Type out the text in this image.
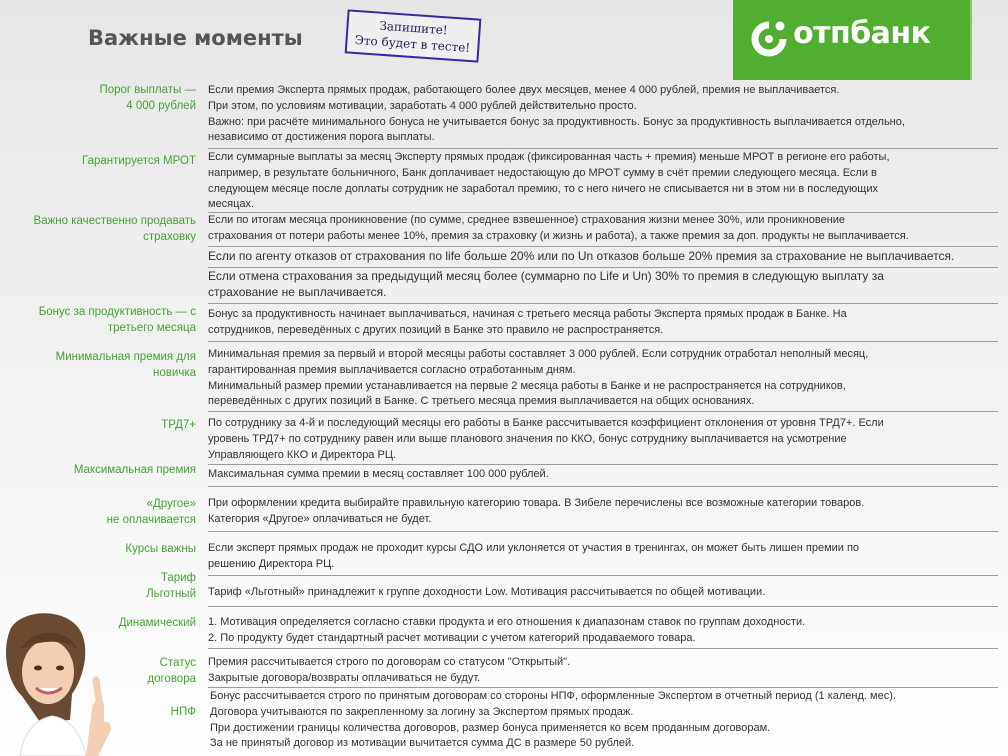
Важные моменты	Запишите!
Это будет в тесте!	отпбанк
Порог выплаты —
4 000 рублей
Если премия Эксперта прямых продаж, работающего более двух месяцев, менее 4 000 рублей, премия не выплачивается.
При этом, по условиям мотивации, заработать 4 000 рублей действительно просто.
Важно: при расчёте минимального бонуса не учитывается бонус за продуктивность. Бонус за продуктивность выплачивается отдельно,
независимо от достижения порога выплаты.
Гарантируется МРОТ Если суммарные выплаты за месяц Эксперту прямых продаж (фиксированная часть + премия) меньше МРОТ в регионе его работы,
например, в результате больничного, Банк доплачивает недостающую до МРОТ сумму в счёт премии следующего месяца. Если в
следующем месяце после доплаты сотрудник не заработал премию, то с него ничего не списывается ни в этом ни в последующих
месяцах.
Важно качественно продавать
страховку
Если по итогам месяца проникновение (по сумме, среднее взвешенное) страхования жизни менее 30%, или проникновение
страхования от потери работы менее 10%, премия за страховку (и жизнь и работа), а также премия за доп. продукты не выплачивается.
Если по агенту отказов от страхования по life больше 20% или по Un отказов больше 20% премия за страхование не выплачивается.
Если отмена страхования за предыдущий месяц более (суммарно по Life и Un) 30% то премия в следующую выплату за
страхование не выплачивается.
Бонус за продуктивность — с
третьего месяца
Бонус за продуктивность начинает выплачиваться, начиная с третьего месяца работы Эксперта прямых продаж в Банке. На
сотрудников, переведённых с других позиций в Банке это правило не распространяется.
Минимальная премия для
новичка
Минимальная премия за первый и второй месяцы работы составляет 3 000 рублей. Если сотрудник отработал неполный месяц,
гарантированная премия выплачивается согласно отработанным дням.
Минимальный размер премии устанавливается на первые 2 месяца работы в Банке и не распространяется на сотрудников,
переведённых с других позиций в Банке. С третьего месяца премия выплачивается на общих основаниях.
ТРД7+ По сотруднику за 4-й и последующий месяцы его работы в Банке рассчитывается коэффициент отклонения от уровня ТРД7+. Если
уровень ТРД7+ по сотруднику равен или выше планового значения по ККО, бонус сотруднику выплачивается на усмотрение
Управляющего ККО и Директора РЦ.
Максимальная премия Максимальная сумма премии в месяц составляет 100 000 рублей.
«Другое»
не оплачивается
При оформлении кредита выбирайте правильную категорию товара. В Зибеле перечислены все возможные категории товаров.
Категория «Другое» оплачиваться не будет.
Курсы важны Если эксперт прямых продаж не проходит курсы СДО или уклоняется от участия в тренингах, он может быть лишен премии по
решению Директора РЦ.
Тариф
Льготный Тариф «Льготный» принадлежит к группе доходности Low. Мотивация рассчитывается по общей мотивации.
Динамический 1. Мотивация определяется согласно ставки продукта и его отношения к диапазонам ставок по группам доходности.
2. По продукту будет стандартный расчет мотивации с учетом категорий продаваемого товара.
Статус
договора
Премия рассчитывается строго по договорам со статусом "Открытый".
Закрытые договора/возвраты оплачиваться не будут.
НПФ
Бонус рассчитывается строго по принятым договорам со стороны НПФ, оформленные Экспертом в отчетный период (1 календ. мес).
Договора учитываются по закрепленному за логину за Экспертом прямых продаж.
При достижении границы количества договоров, размер бонуса применяется ко всем проданным договорам.
За не принятый договор из мотивации вычитается сумма ДС в размере 50 рублей.
